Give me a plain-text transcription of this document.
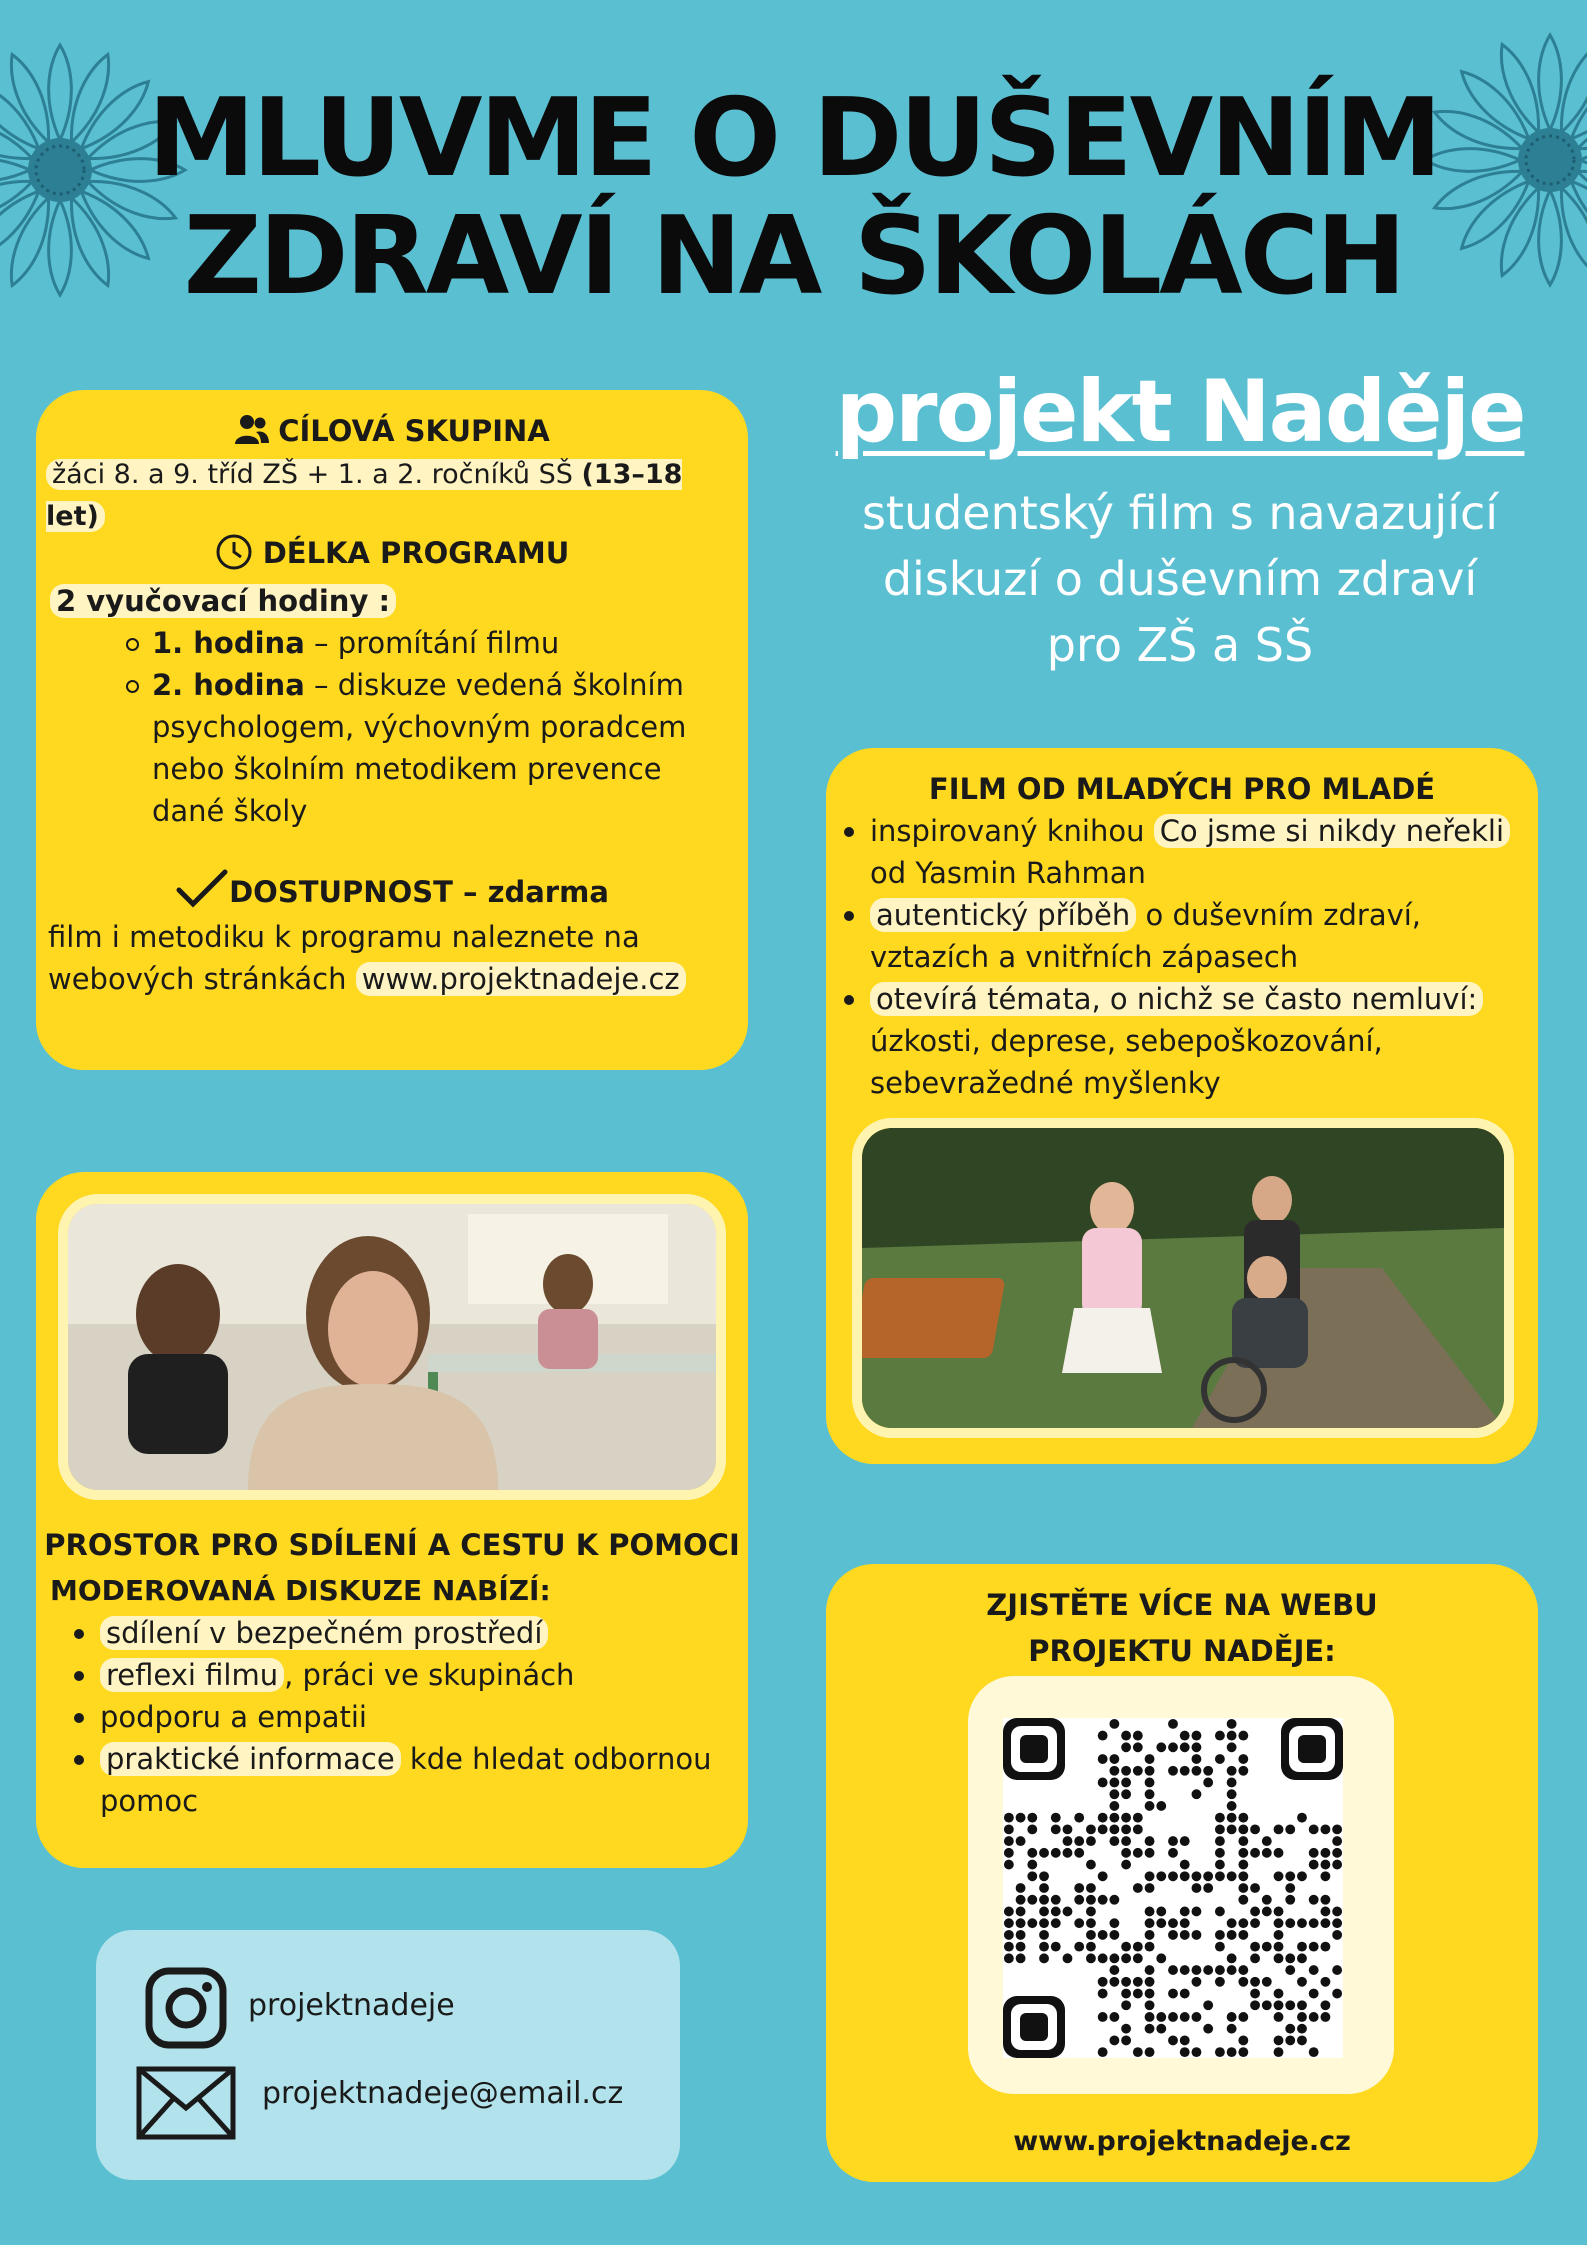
MLUVME O DUŠEVNÍM
ZDRAVÍ NA ŠKOLÁCH
projekt Naděje
studentský film s navazující
diskuzí o duševním zdraví
pro ZŠ a SŠ
CÍLOVÁ SKUPINA
žáci 8. a 9. tříd ZŠ + 1. a 2. ročníků SŠ (13–18 let)
DÉLKA PROGRAMU
2 vyučovací hodiny :
1. hodina – promítání filmu
2. hodina – diskuze vedená školním psychologem, výchovným poradcem nebo školním metodikem prevence dané školy
DOSTUPNOST – zdarma
film i metodiku k programu naleznete na webových stránkách www.projektnadeje.cz
FILM OD MLADÝCH PRO MLADÉ
inspirovaný knihou Co jsme si nikdy neřekli od Yasmin Rahman
autentický příběh o duševním zdraví, vztazích a vnitřních zápasech
otevírá témata, o nichž se často nemluví: úzkosti, deprese, sebepoškozování, sebevražedné myšlenky
PROSTOR PRO SDÍLENÍ A CESTU K POMOCI
MODEROVANÁ DISKUZE NABÍZÍ:
sdílení v bezpečném prostředí
reflexi filmu , práci ve skupinách
podporu a empatii
praktické informace kde hledat odbornou pomoc
ZJISTĚTE VÍCE NA WEBU
PROJEKTU NADĚJE:
www.projektnadeje.cz
projektnadeje
projektnadeje@email.cz
